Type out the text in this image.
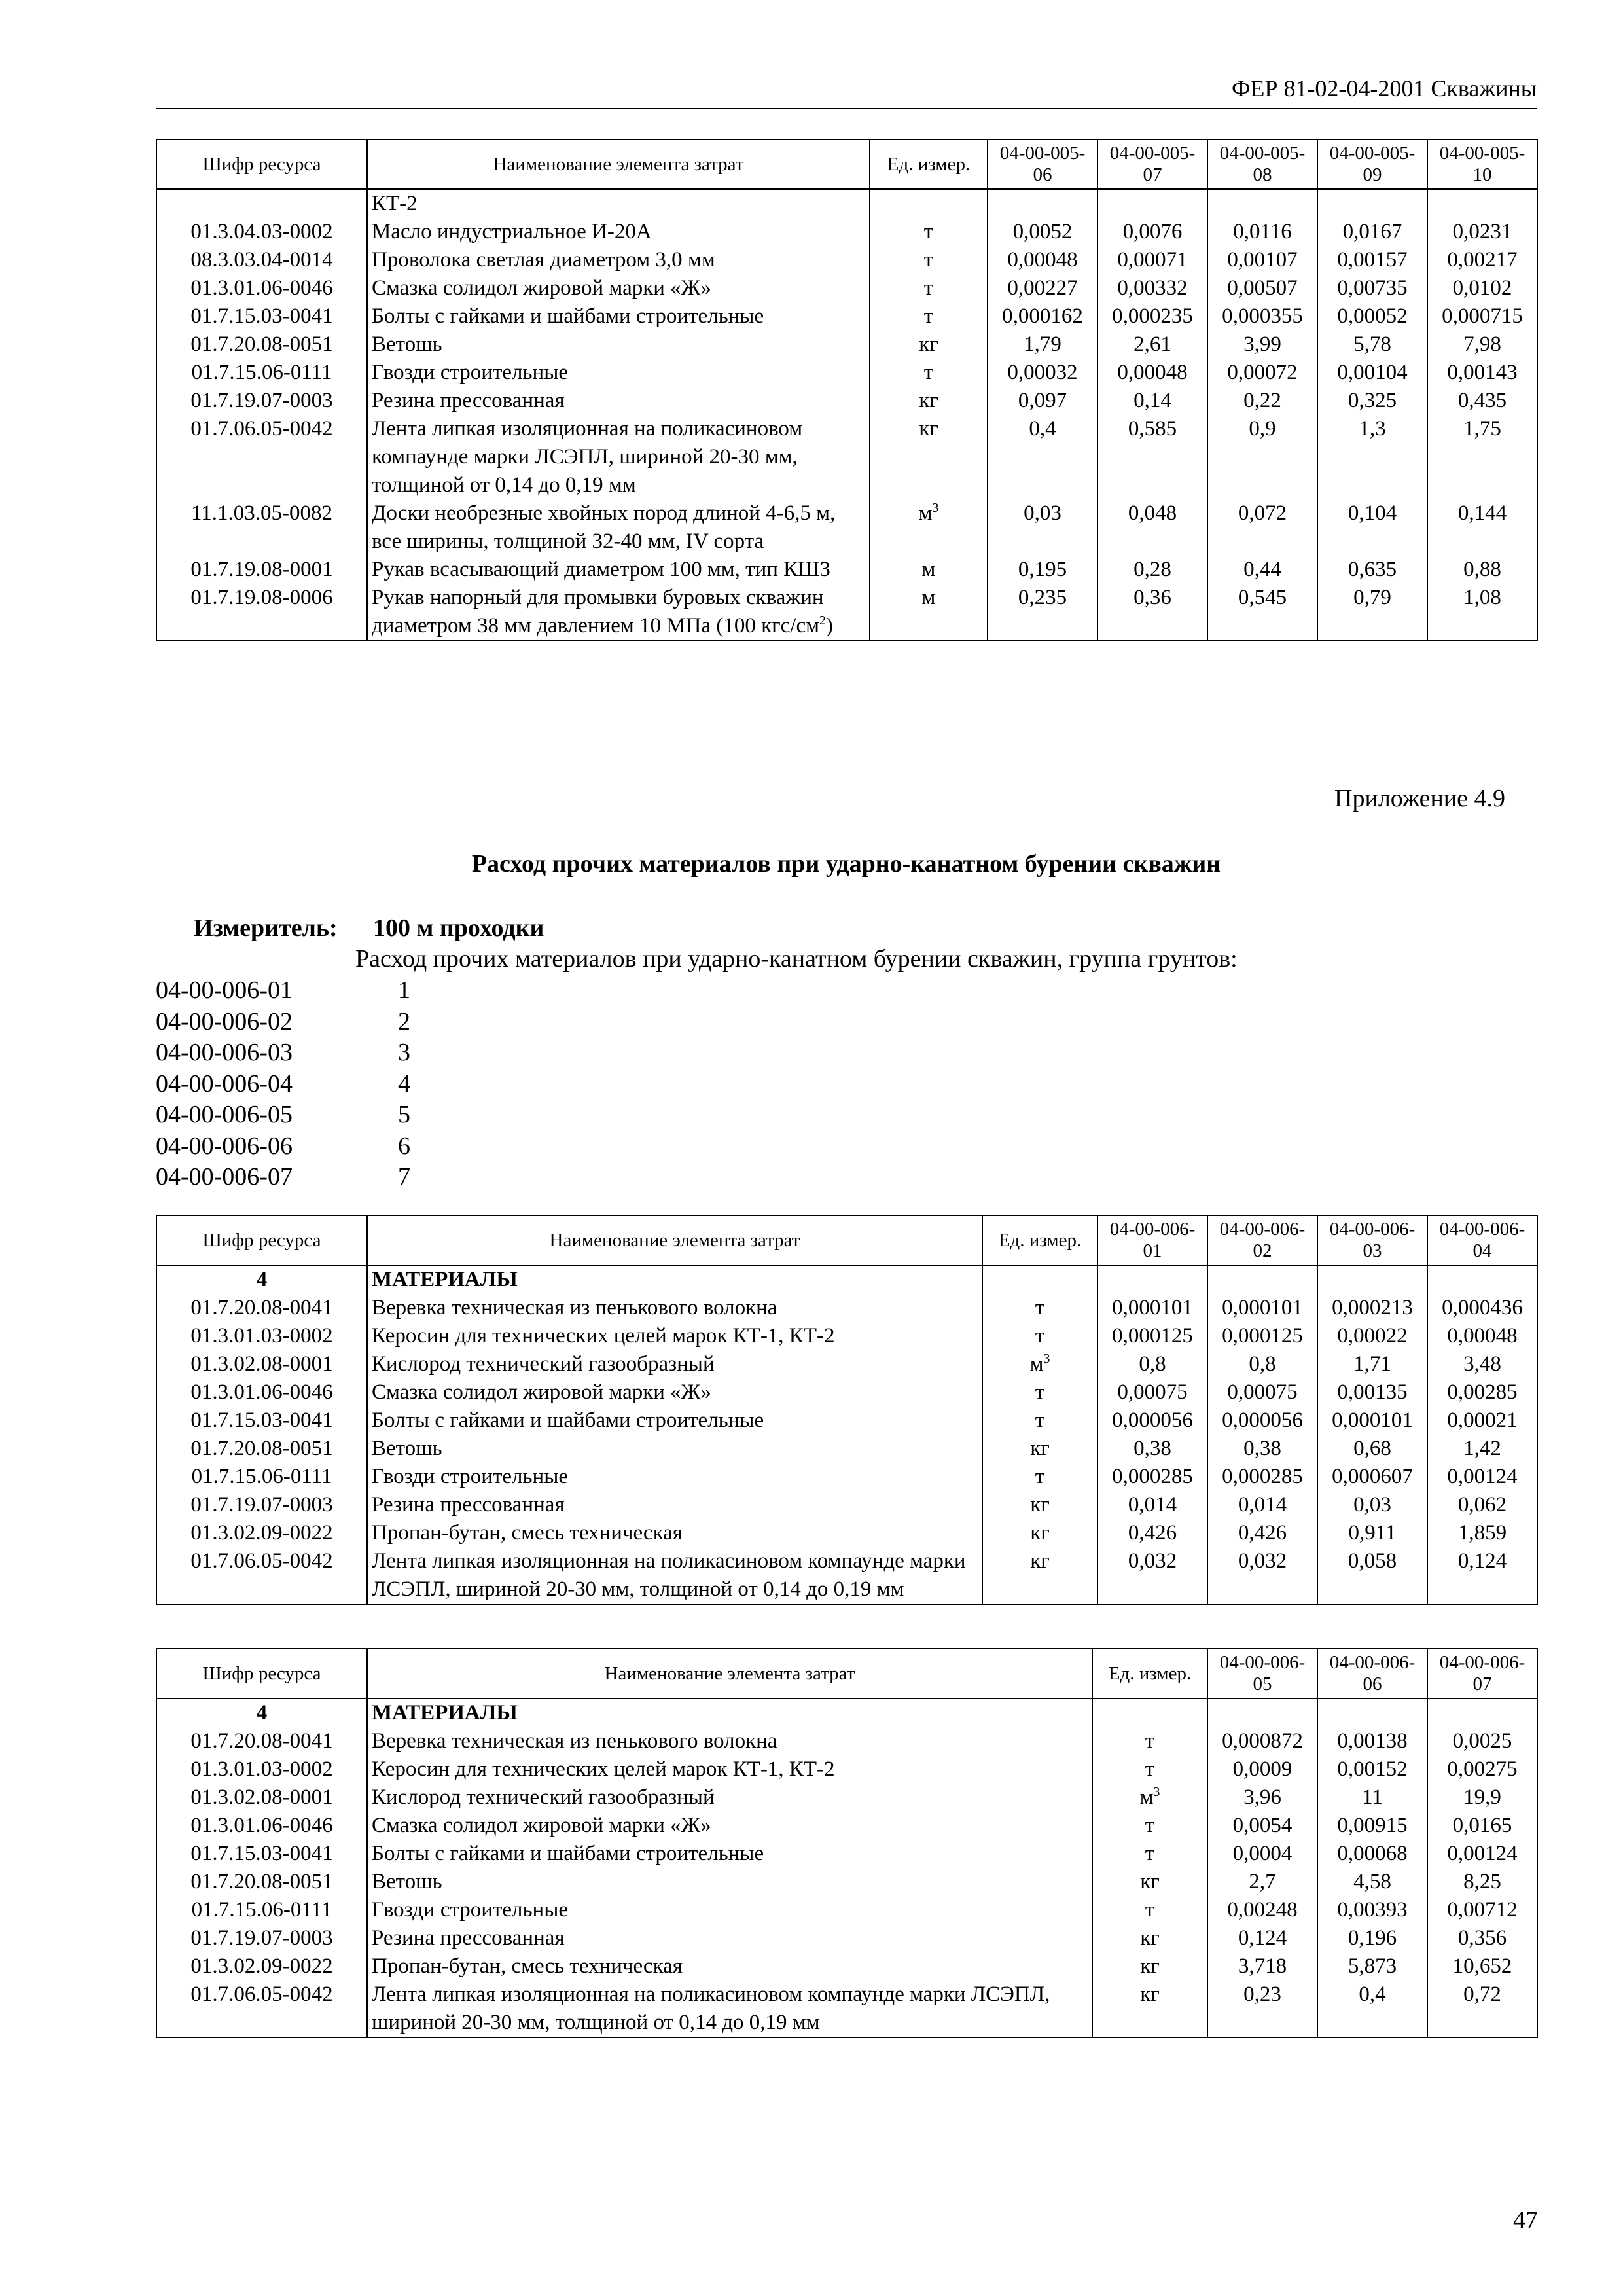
ФЕР 81-02-04-2001 Скважины
Шифр ресурса	Наименование элемента затрат	Ед. измер.	04-00-005-06	04-00-005-07	04-00-005-08	04-00-005-09	04-00-005-10
	КТ-2						
01.3.04.03-0002	Масло индустриальное И-20А	т	0,0052	0,0076	0,0116	0,0167	0,0231
08.3.03.04-0014	Проволока светлая диаметром 3,0 мм	т	0,00048	0,00071	0,00107	0,00157	0,00217
01.3.01.06-0046	Смазка солидол жировой марки «Ж»	т	0,00227	0,00332	0,00507	0,00735	0,0102
01.7.15.03-0041	Болты с гайками и шайбами строительные	т	0,000162	0,000235	0,000355	0,00052	0,000715
01.7.20.08-0051	Ветошь	кг	1,79	2,61	3,99	5,78	7,98
01.7.15.06-0111	Гвозди строительные	т	0,00032	0,00048	0,00072	0,00104	0,00143
01.7.19.07-0003	Резина прессованная	кг	0,097	0,14	0,22	0,325	0,435
01.7.06.05-0042	Лента липкая изоляционная на поликасиновом компаунде марки ЛСЭПЛ, шириной 20-30 мм, толщиной от 0,14 до 0,19 мм	кг	0,4	0,585	0,9	1,3	1,75
11.1.03.05-0082	Доски необрезные хвойных пород длиной 4-6,5 м, все ширины, толщиной 32-40 мм, IV сорта	$м^3$	0,03	0,048	0,072	0,104	0,144
01.7.19.08-0001	Рукав всасывающий диаметром 100 мм, тип КШЗ	м	0,195	0,28	0,44	0,635	0,88
01.7.19.08-0006	Рукав напорный для промывки буровых скважин диаметром 38 мм давлением 10 МПа (100 кгс/$см^2$)	м	0,235	0,36	0,545	0,79	1,08
Приложение 4.9
Расход прочих материалов при ударно-канатном бурении скважин
Измеритель: 100 м проходки
Расход прочих материалов при ударно-канатном бурении скважин, группа грунтов:
04-00-006-01	1
04-00-006-02	2
04-00-006-03	3
04-00-006-04	4
04-00-006-05	5
04-00-006-06	6
04-00-006-07	7
Шифр ресурса	Наименование элемента затрат	Ед. измер.	04-00-006-01	04-00-006-02	04-00-006-03	04-00-006-04
4	МАТЕРИАЛЫ					
01.7.20.08-0041	Веревка техническая из пенькового волокна	т	0,000101	0,000101	0,000213	0,000436
01.3.01.03-0002	Керосин для технических целей марок КТ-1, КТ-2	т	0,000125	0,000125	0,00022	0,00048
01.3.02.08-0001	Кислород технический газообразный	$м^3$	0,8	0,8	1,71	3,48
01.3.01.06-0046	Смазка солидол жировой марки «Ж»	т	0,00075	0,00075	0,00135	0,00285
01.7.15.03-0041	Болты с гайками и шайбами строительные	т	0,000056	0,000056	0,000101	0,00021
01.7.20.08-0051	Ветошь	кг	0,38	0,38	0,68	1,42
01.7.15.06-0111	Гвозди строительные	т	0,000285	0,000285	0,000607	0,00124
01.7.19.07-0003	Резина прессованная	кг	0,014	0,014	0,03	0,062
01.3.02.09-0022	Пропан-бутан, смесь техническая	кг	0,426	0,426	0,911	1,859
01.7.06.05-0042	Лента липкая изоляционная на поликасиновом компаунде марки ЛСЭПЛ, шириной 20-30 мм, толщиной от 0,14 до 0,19 мм	кг	0,032	0,032	0,058	0,124
Шифр ресурса	Наименование элемента затрат	Ед. измер.	04-00-006-05	04-00-006-06	04-00-006-07
4	МАТЕРИАЛЫ				
01.7.20.08-0041	Веревка техническая из пенькового волокна	т	0,000872	0,00138	0,0025
01.3.01.03-0002	Керосин для технических целей марок КТ-1, КТ-2	т	0,0009	0,00152	0,00275
01.3.02.08-0001	Кислород технический газообразный	$м^3$	3,96	11	19,9
01.3.01.06-0046	Смазка солидол жировой марки «Ж»	т	0,0054	0,00915	0,0165
01.7.15.03-0041	Болты с гайками и шайбами строительные	т	0,0004	0,00068	0,00124
01.7.20.08-0051	Ветошь	кг	2,7	4,58	8,25
01.7.15.06-0111	Гвозди строительные	т	0,00248	0,00393	0,00712
01.7.19.07-0003	Резина прессованная	кг	0,124	0,196	0,356
01.3.02.09-0022	Пропан-бутан, смесь техническая	кг	3,718	5,873	10,652
01.7.06.05-0042	Лента липкая изоляционная на поликасиновом компаунде марки ЛСЭПЛ, шириной 20-30 мм, толщиной от 0,14 до 0,19 мм	кг	0,23	0,4	0,72
47
